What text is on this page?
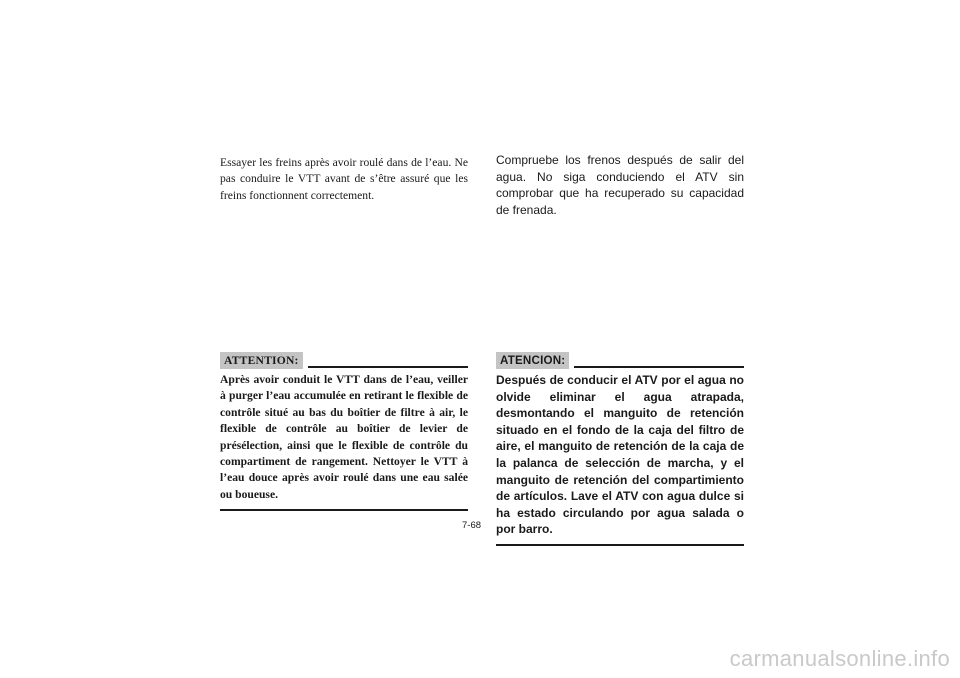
Essayer les freins après avoir roulé dans de l’eau. Ne pas conduire le VTT avant de s’être assuré que les freins fonctionnent correctement.

Compruebe los frenos después de salir del agua. No siga conduciendo el ATV sin comprobar que ha recuperado su capacidad de frenada.

ATTENTION:

Après avoir conduit le VTT dans de l’eau, veiller à purger l’eau accumulée en retirant le flexible de contrôle situé au bas du boîtier de filtre à air, le flexible de contrôle au boîtier de levier de présélection, ainsi que le flexible de contrôle du compartiment de rangement. Nettoyer le VTT à l’eau douce après avoir roulé dans une eau salée ou boueuse.

ATENCION:

Después de conducir el ATV por el agua no olvide eliminar el agua atrapada, desmontando el manguito de retención situado en el fondo de la caja del filtro de aire, el manguito de retención de la caja de la palanca de selección de marcha, y el manguito de retención del compartimiento de artículos. Lave el ATV con agua dulce si ha estado circulando por agua salada o por barro.

7-68
carmanualsonline.info
